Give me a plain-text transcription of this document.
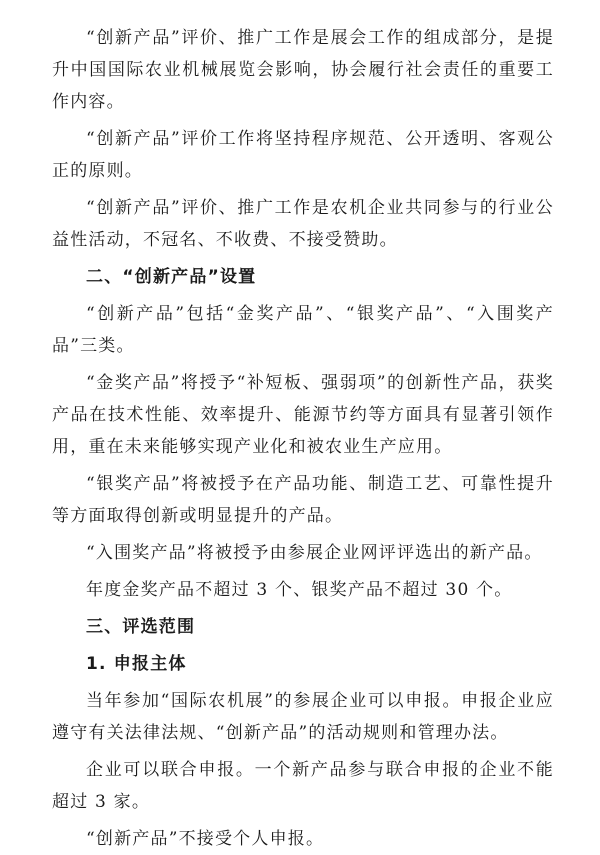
“创新产品”评价、推广工作是展会工作的组成部分，是提升中国国际农业机械展览会影响，协会履行社会责任的重要工作内容。

“创新产品”评价工作将坚持程序规范、公开透明、客观公正的原则。

“创新产品”评价、推广工作是农机企业共同参与的行业公益性活动，不冠名、不收费、不接受赞助。

二、“创新产品”设置

“创新产品”包括“金奖产品”、“银奖产品”、“入围奖产品”三类。

“金奖产品”将授予“补短板、强弱项”的创新性产品，获奖产品在技术性能、效率提升、能源节约等方面具有显著引领作用，重在未来能够实现产业化和被农业生产应用。

“银奖产品”将被授予在产品功能、制造工艺、可靠性提升等方面取得创新或明显提升的产品。

“入围奖产品”将被授予由参展企业网评评选出的新产品。

年度金奖产品不超过 3 个、银奖产品不超过 30 个。

三、评选范围

1. 申报主体

当年参加“国际农机展”的参展企业可以申报。申报企业应遵守有关法律法规、“创新产品”的活动规则和管理办法。

企业可以联合申报。一个新产品参与联合申报的企业不能超过 3 家。

“创新产品”不接受个人申报。
